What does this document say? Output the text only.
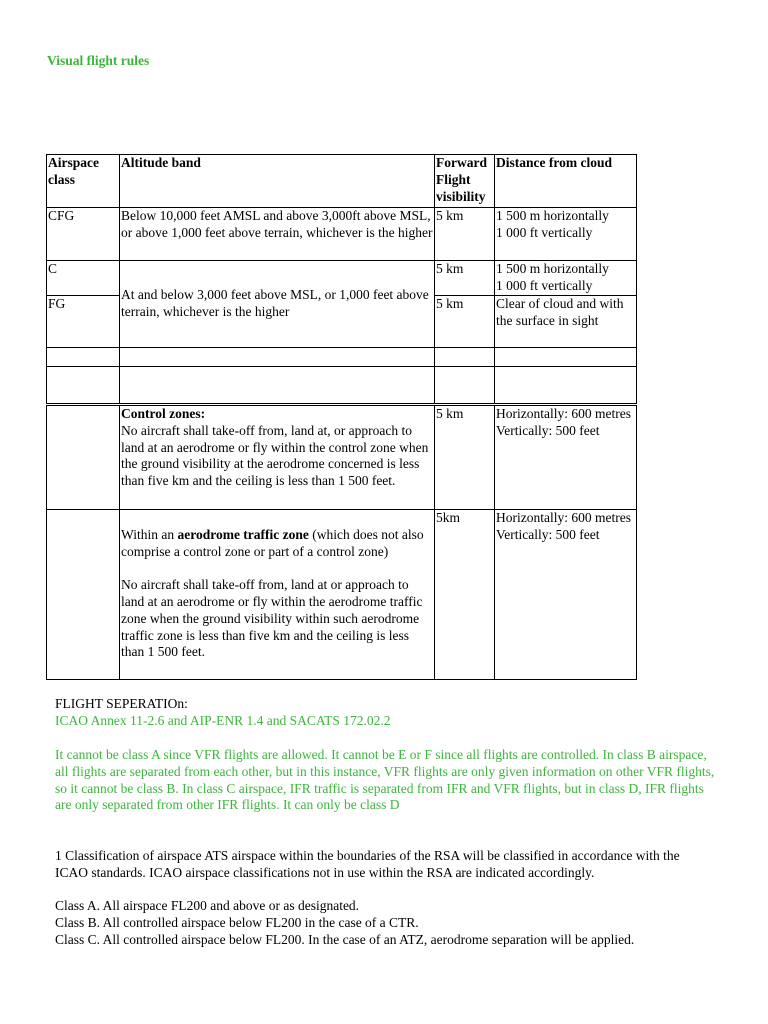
Visual flight rules
Airspace class	Altitude band	Forward Flight visibility	Distance from cloud
CFG	Below 10,000 feet AMSL and above 3,000ft above MSL, or above 1,000 feet above terrain, whichever is the higher	5 km	1 500 m horizontally
1 000 ft vertically

C	At and below 3,000 feet above MSL, or 1,000 feet above terrain, whichever is the higher	5 km	1 500 m horizontally
1 000 ft vertically

FG		5 km	Clear of cloud and with the surface in sight

	Control zones:
No aircraft shall take-off from, land at, or approach to land at an aerodrome or fly within the control zone when the ground visibility at the aerodrome concerned is less than five km and the ceiling is less than 1 500 feet.	5 km	Horizontally: 600 metres
Vertically: 500 feet

	Within an aerodrome traffic zone (which does not also comprise a control zone or part of a control zone)
No aircraft shall take-off from, land at or approach to land at an aerodrome or fly within the aerodrome traffic zone when the ground visibility within such aerodrome traffic zone is less than five km and the ceiling is less than 1 500 feet.	5km	Horizontally: 600 metres
Vertically: 500 feet
FLIGHT SEPERATIOn:
ICAO Annex 11-2.6 and AIP-ENR 1.4 and SACATS 172.02.2
It cannot be class A since VFR flights are allowed. It cannot be E or F since all flights are controlled. In class B airspace, all flights are separated from each other, but in this instance, VFR flights are only given information on other VFR flights, so it cannot be class B. In class C airspace, IFR traffic is separated from IFR and VFR flights, but in class D, IFR flights are only separated from other IFR flights. It can only be class D
1 Classification of airspace ATS airspace within the boundaries of the RSA will be classified in accordance with the ICAO standards. ICAO airspace classifications not in use within the RSA are indicated accordingly.
Class A. All airspace FL200 and above or as designated.
Class B. All controlled airspace below FL200 in the case of a CTR.
Class C. All controlled airspace below FL200. In the case of an ATZ, aerodrome separation will be applied.
